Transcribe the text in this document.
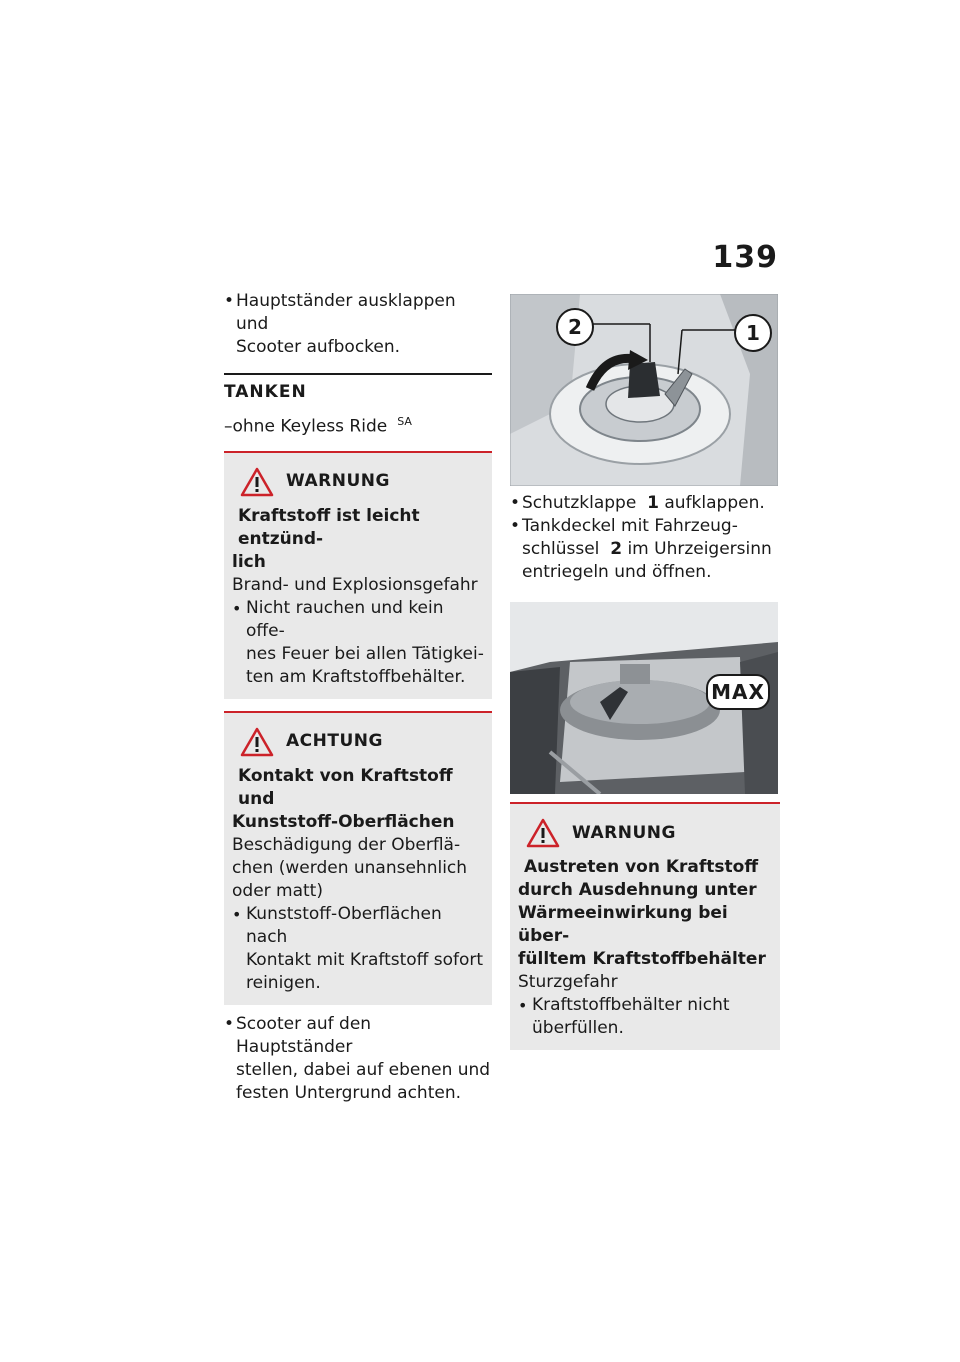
139
• Hauptständer ausklappen und
Scooter aufbocken.
TANKEN
–ohne Keyless Ride $^{SA}$
WARNUNG
Kraftstoff ist leicht entzünd-
lich
Brand- und Explosionsgefahr
• Nicht rauchen und kein offe-
nes Feuer bei allen Tätigkei-
ten am Kraftstoffbehälter.
ACHTUNG
Kontakt von Kraftstoff und
Kunststoff-Oberflächen
Beschädigung der Oberflä-
chen (werden unansehnlich
oder matt)
• Kunststoff-Oberflächen nach
Kontakt mit Kraftstoff sofort
reinigen.
• Scooter auf den Hauptständer
stellen, dabei auf ebenen und
festen Untergrund achten.
2	1
• Schutzklappe 1 aufklappen.
• Tankdeckel mit Fahrzeug-
schlüssel 2 im Uhrzeigersinn
entriegeln und öffnen.
MAX
WARNUNG
Austreten von Kraftstoff
durch Ausdehnung unter
Wärmeeinwirkung bei über-
fülltem Kraftstoffbehälter
Sturzgefahr
• Kraftstoffbehälter nicht
überfüllen.
